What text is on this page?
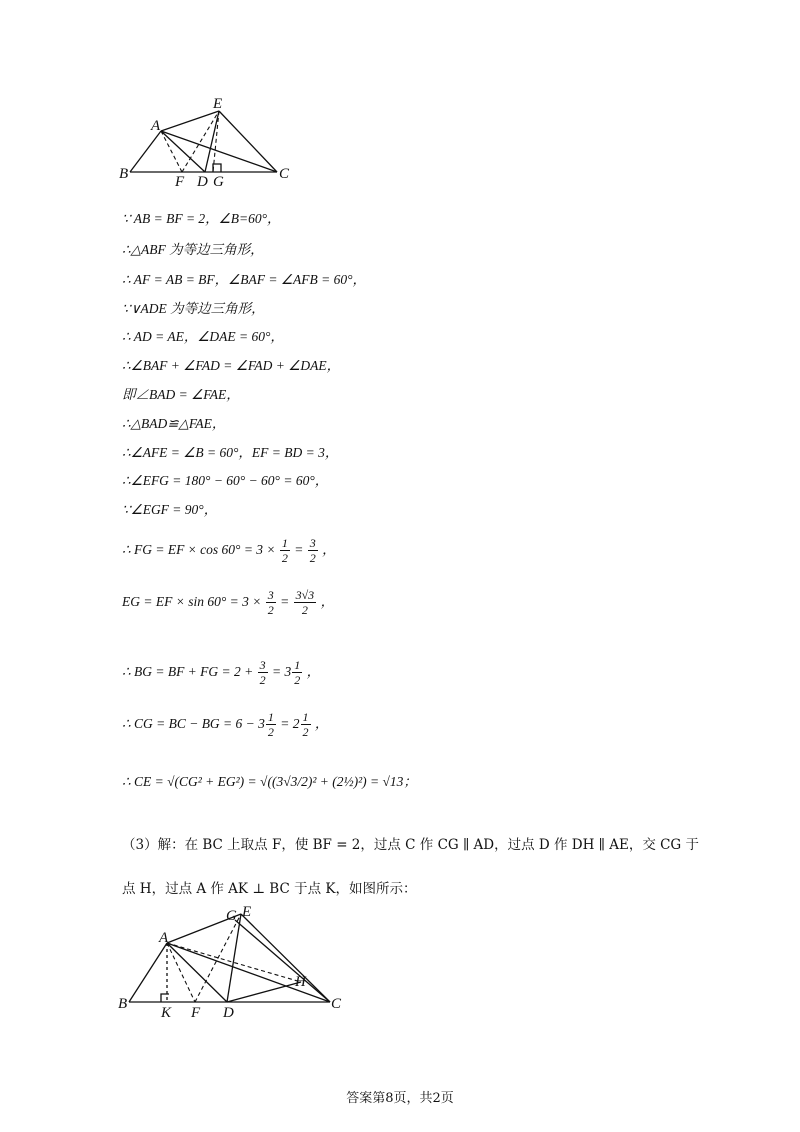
A
E
B	F D G	C
∵ AB = BF = 2，∠B=60°，
∴△ABF 为等边三角形，
∴ AF = AB = BF，∠BAF = ∠AFB = 60°，
∵∨ADE 为等边三角形，
∴ AD = AE，∠DAE = 60°，
∴∠BAF + ∠FAD = ∠FAD + ∠DAE，
即∠BAD = ∠FAE，
∴△BAD≌△FAE，
∴∠AFE = ∠B = 60°，EF = BD = 3，
∴∠EFG = 180° − 60° − 60° = 60°，
∵∠EGF = 90°，
∴ FG = EF × $\cos 60^\circ = 3 \times \frac{1}{2} = \frac{3}{2}$ ，
EG = EF × $\sin 60^\circ = 3 \times \frac{3}{2} = \frac{3√3}{2}$ ，
∴ BG = BF + FG = $2 + \frac{3}{2} = 3 \frac{1}{2}$ ，
∴ CG = BC − BG = $6 - 3 \frac{1}{2} = 2 \frac{1}{2}$ ，
∴ CE = √(CG² + EG²) = √((3√3/2)² + (2½)²) = √13；
（3）解：在 BC 上取点 F，使 BF = 2，过点 C 作 CG ∥ AD，过点 D 作 DH ∥ AE，交 CG 于
点 H，过点 A 作 AK ⊥ BC 于点 K，如图所示：
A
G E
B
K F D
H
C
答案第8页，共2页
